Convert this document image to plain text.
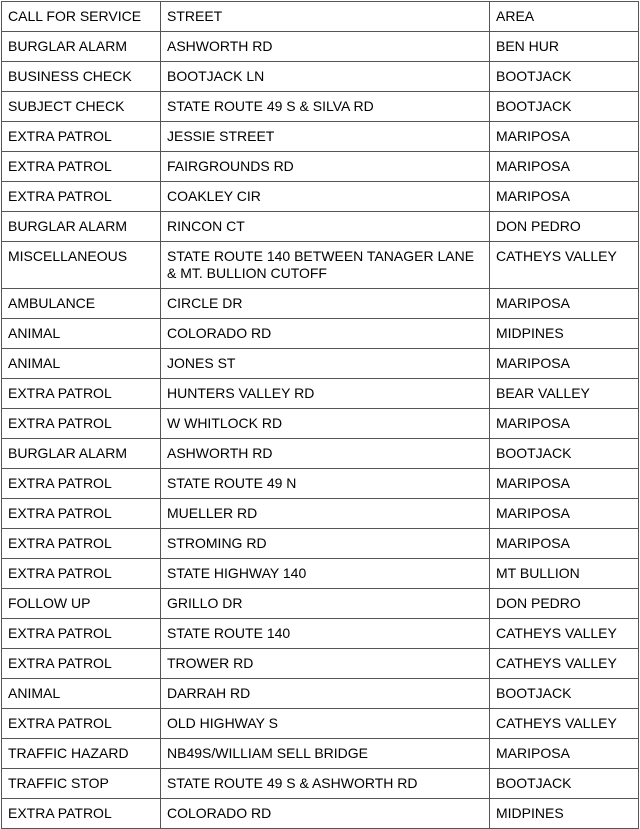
CALL FOR SERVICE	STREET	AREA
BURGLAR ALARM	ASHWORTH RD	BEN HUR
BUSINESS CHECK	BOOTJACK LN	BOOTJACK
SUBJECT CHECK	STATE ROUTE 49 S & SILVA RD	BOOTJACK
EXTRA PATROL	JESSIE STREET	MARIPOSA
EXTRA PATROL	FAIRGROUNDS RD	MARIPOSA
EXTRA PATROL	COAKLEY CIR	MARIPOSA
BURGLAR ALARM	RINCON CT	DON PEDRO
MISCELLANEOUS	STATE ROUTE 140 BETWEEN TANAGER LANE & MT. BULLION CUTOFF	CATHEYS VALLEY
AMBULANCE	CIRCLE DR	MARIPOSA
ANIMAL	COLORADO RD	MIDPINES
ANIMAL	JONES ST	MARIPOSA
EXTRA PATROL	HUNTERS VALLEY RD	BEAR VALLEY
EXTRA PATROL	W WHITLOCK RD	MARIPOSA
BURGLAR ALARM	ASHWORTH RD	BOOTJACK
EXTRA PATROL	STATE ROUTE 49 N	MARIPOSA
EXTRA PATROL	MUELLER RD	MARIPOSA
EXTRA PATROL	STROMING RD	MARIPOSA
EXTRA PATROL	STATE HIGHWAY 140	MT BULLION
FOLLOW UP	GRILLO DR	DON PEDRO
EXTRA PATROL	STATE ROUTE 140	CATHEYS VALLEY
EXTRA PATROL	TROWER RD	CATHEYS VALLEY
ANIMAL	DARRAH RD	BOOTJACK
EXTRA PATROL	OLD HIGHWAY S	CATHEYS VALLEY
TRAFFIC HAZARD	NB49S/WILLIAM SELL BRIDGE	MARIPOSA
TRAFFIC STOP	STATE ROUTE 49 S & ASHWORTH RD	BOOTJACK
EXTRA PATROL	COLORADO RD	MIDPINES
